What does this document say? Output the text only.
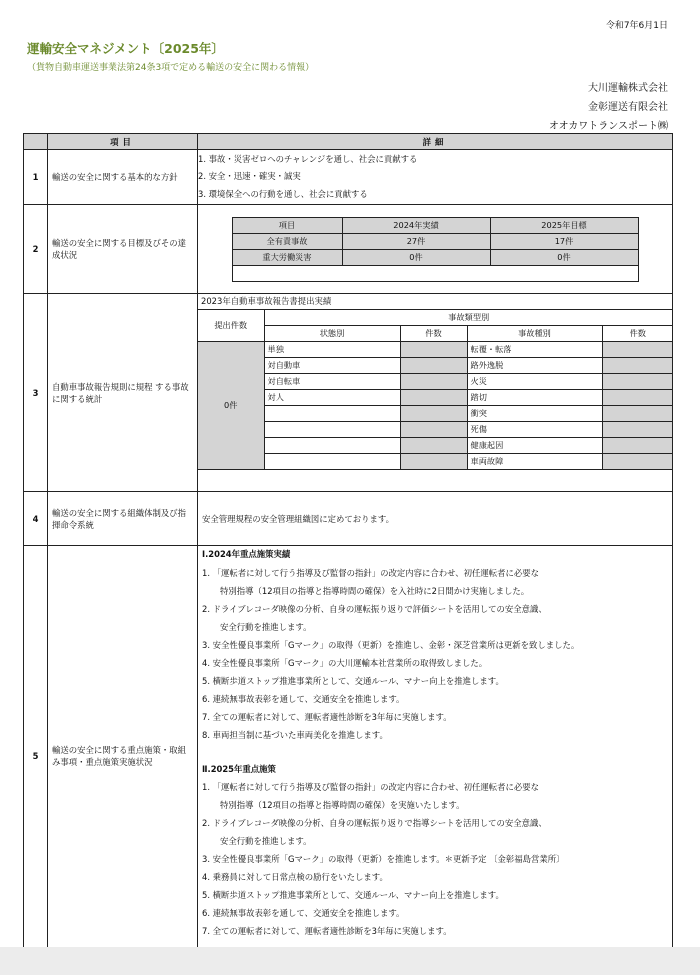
令和7年6月1日
運輸安全マネジメント〔2025年〕
（貨物自動車運送事業法第24条3項で定める輸送の安全に関わる情報）
大川運輸株式会社
金彰運送有限会社
オオカワトランスポート㈱
	項目	詳細
1	輸送の安全に関する基本的な方針	
1. 事故・災害ゼロへのチャレンジを通し、社会に貢献する
2. 安全・迅速・確実・誠実
3. 環境保全への行動を通し、社会に貢献する

2	輸送の安全に関する目標及びその達成状況	
項目	2024年実績	2025年目標
全有責事故	27件	17件
重大労働災害	0件	0件

3	自動車事故報告規則に規程 する事故に関する統計	
2023年自動車事故報告書提出実績
提出件数	事故類型別
状態別	件数	事故種別	件数
0件	単独		転覆・転落	
対自動車		路外逸脱	
対自転車		火災	
対人		踏切	
		衝突	
		死傷	
		健康起因	
		車両故障	

4	輸送の安全に関する組織体制及び指揮命令系統	安全管理規程の安全管理組織図に定めております。
5	輸送の安全に関する重点施策・取組み事項・重点施策実施状況	
Ⅰ.2024年重点施策実績
1. 「運転者に対して行う指導及び監督の指針」の改定内容に合わせ、初任運転者に必要な
特別指導（12項目の指導と指導時間の確保）を入社時に2日間かけ実施しました。
2. ドライブレコーダ映像の分析、自身の運転振り返りで評価シートを活用しての安全意識、
安全行動を推進します。
3. 安全性優良事業所「Gマーク」の取得（更新）を推進し、金彰・深芝営業所は更新を致しました。
4. 安全性優良事業所「Gマーク」の大川運輸本社営業所の取得致しました。
5. 横断歩道ストップ推進事業所として、交通ルール、マナー向上を推進します。
6. 連続無事故表彰を通して、交通安全を推進します。
7. 全ての運転者に対して、運転者適性診断を3年毎に実施します。
8. 車両担当制に基づいた車両美化を推進します。
Ⅱ.2025年重点施策
1. 「運転者に対して行う指導及び監督の指針」の改定内容に合わせ、初任運転者に必要な
特別指導（12項目の指導と指導時間の確保）を実施いたします。
2. ドライブレコーダ映像の分析、自身の運転振り返りで指導シートを活用しての安全意識、
安全行動を推進します。
3. 安全性優良事業所「Gマーク」の取得（更新）を推進します。＊更新予定 〔金彰福島営業所〕
4. 乗務員に対して日常点検の励行をいたします。
5. 横断歩道ストップ推進事業所として、交通ルール、マナー向上を推進します。
6. 連続無事故表彰を通して、交通安全を推進します。
7. 全ての運転者に対して、運転者適性診断を3年毎に実施します。
